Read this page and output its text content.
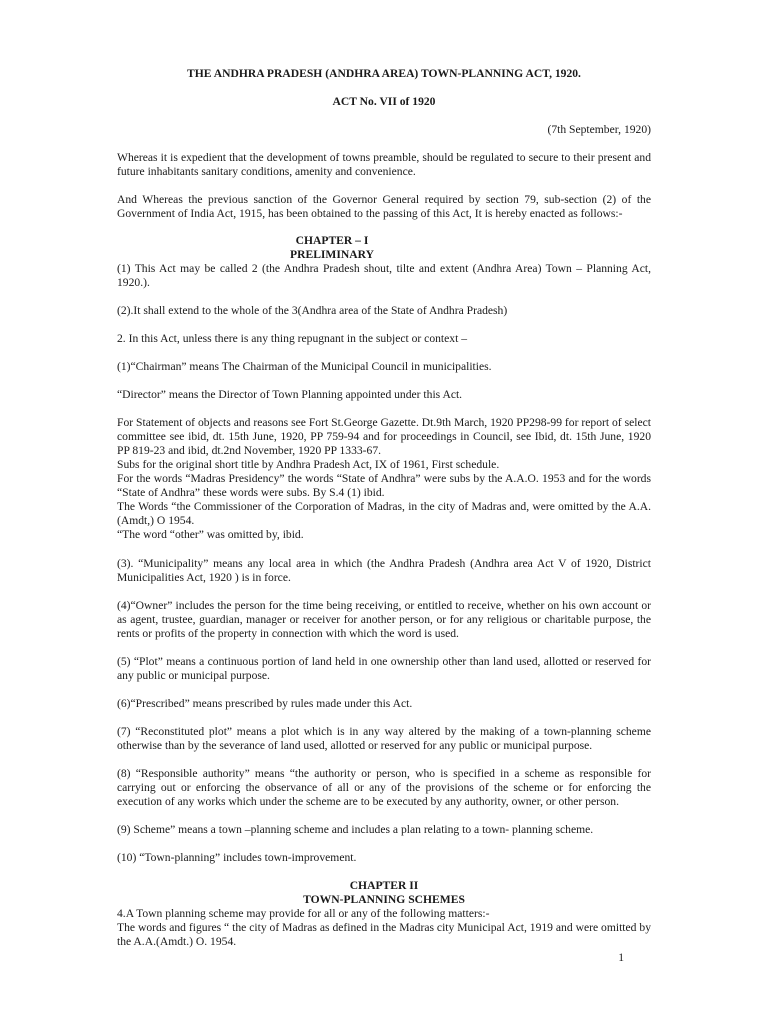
THE ANDHRA PRADESH (ANDHRA AREA) TOWN-PLANNING ACT, 1920.

ACT No. VII of 1920

(7th September, 1920)

Whereas it is expedient that the development of towns preamble, should be regulated to secure to their present and future inhabitants sanitary conditions, amenity and convenience.

And Whereas the previous sanction of the Governor General required by section 79, sub-section (2) of the Government of India Act, 1915, has been obtained to the passing of this Act, It is hereby enacted as follows:-

CHAPTER – I

PRELIMINARY

(1) This Act may be called 2 (the Andhra Pradesh shout, tilte and extent (Andhra Area) Town – Planning Act, 1920.).

(2).It shall extend to the whole of the 3(Andhra area of the State of Andhra Pradesh)

2. In this Act, unless there is any thing repugnant in the subject or context –

(1)“Chairman” means The Chairman of the Municipal Council in municipalities.

“Director” means the Director of Town Planning appointed under this Act.

For Statement of objects and reasons see Fort St.George Gazette. Dt.9th March, 1920 PP298-99 for report of select committee see ibid, dt. 15th June, 1920, PP 759-94 and for proceedings in Council, see Ibid, dt. 15th June, 1920 PP 819-23 and ibid, dt.2nd November, 1920 PP 1333-67.

Subs for the original short title by Andhra Pradesh Act, IX of 1961, First schedule.

For the words “Madras Presidency” the words “State of Andhra” were subs by the A.A.O. 1953 and for the words “State of Andhra” these words were subs. By S.4 (1) ibid.

The Words “the Commissioner of the Corporation of Madras, in the city of Madras and, were omitted by the A.A. (Amdt,) O 1954.

“The word “other” was omitted by, ibid.

(3). “Municipality” means any local area in which (the Andhra Pradesh (Andhra area Act V of 1920, District Municipalities Act, 1920 ) is in force.

(4)“Owner” includes the person for the time being receiving, or entitled to receive, whether on his own account or as agent, trustee, guardian, manager or receiver for another person, or for any religious or charitable purpose, the rents or profits of the property in connection with which the word is used.

(5) “Plot” means a continuous portion of land held in one ownership other than land used, allotted or reserved for any public or municipal purpose.

(6)“Prescribed” means prescribed by rules made under this Act.

(7) “Reconstituted plot” means a plot which is in any way altered by the making of a town-planning scheme otherwise than by the severance of land used, allotted or reserved for any public or municipal purpose.

(8) “Responsible authority” means “the authority or person, who is specified in a scheme as responsible for carrying out or enforcing the observance of all or any of the provisions of the scheme or for enforcing the execution of any works which under the scheme are to be executed by any authority, owner, or other person.

(9) Scheme” means a town –planning scheme and includes a plan relating to a town- planning scheme.

(10) “Town-planning” includes town-improvement.

CHAPTER II

TOWN-PLANNING SCHEMES

4.A Town planning scheme may provide for all or any of the following matters:-

The words and figures “ the city of Madras as defined in the Madras city Municipal Act, 1919 and were omitted by the A.A.(Amdt.) O. 1954.

1
